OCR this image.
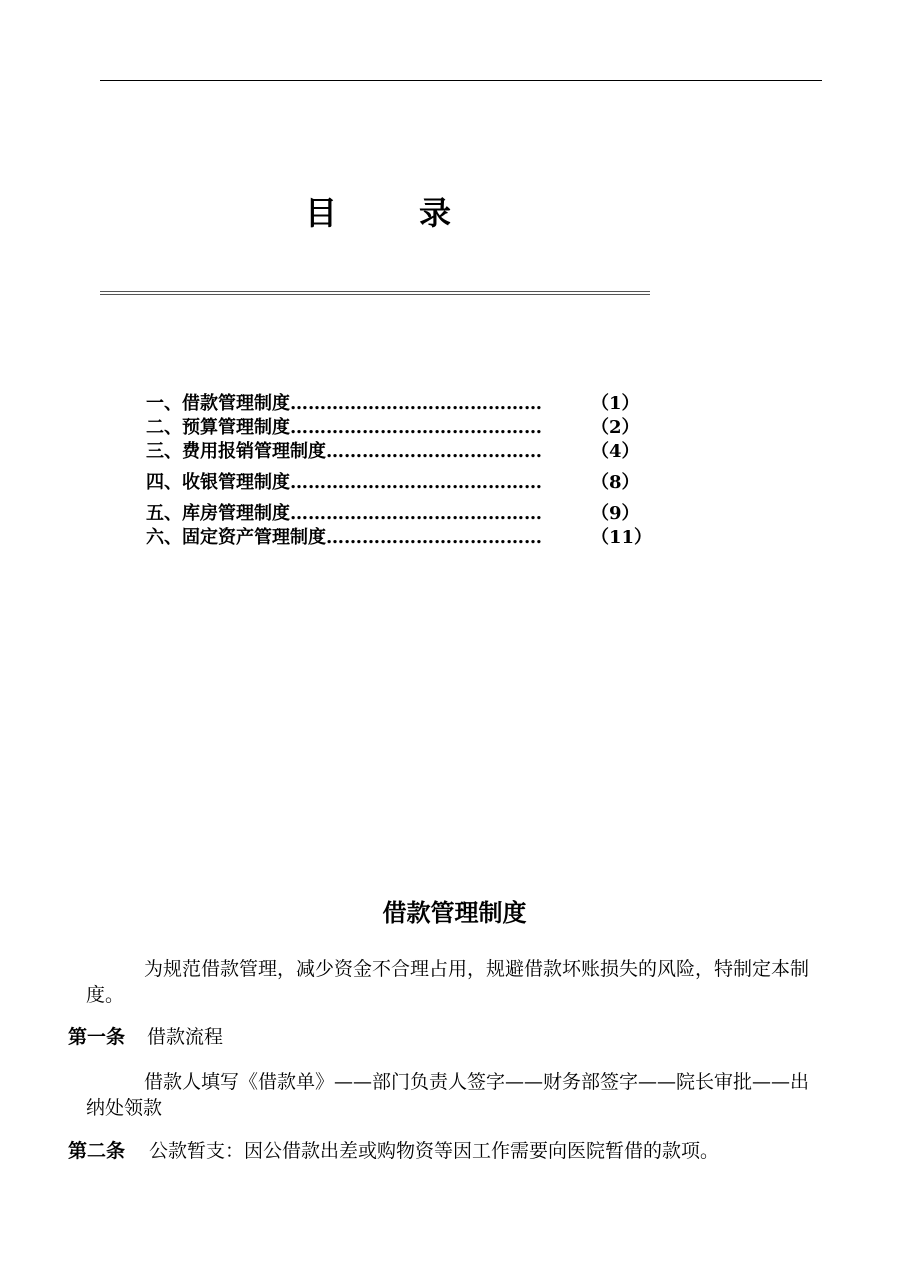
目	录
一、借款管理制度……………………………………	（1）
二、预算管理制度……………………………………	（2）
三、费用报销管理制度………………………………	（4）
四、收银管理制度……………………………………	（8）
五、库房管理制度……………………………………	（9）
六、固定资产管理制度………………………………	（11）
借款管理制度
为规范借款管理，减少资金不合理占用，规避借款坏账损失的风险，特制定本制度。
第一条 借款流程
借款人填写《借款单》——部门负责人签字——财务部签字——院长审批——出纳处领款
第二条 公款暂支：因公借款出差或购物资等因工作需要向医院暂借的款项。
